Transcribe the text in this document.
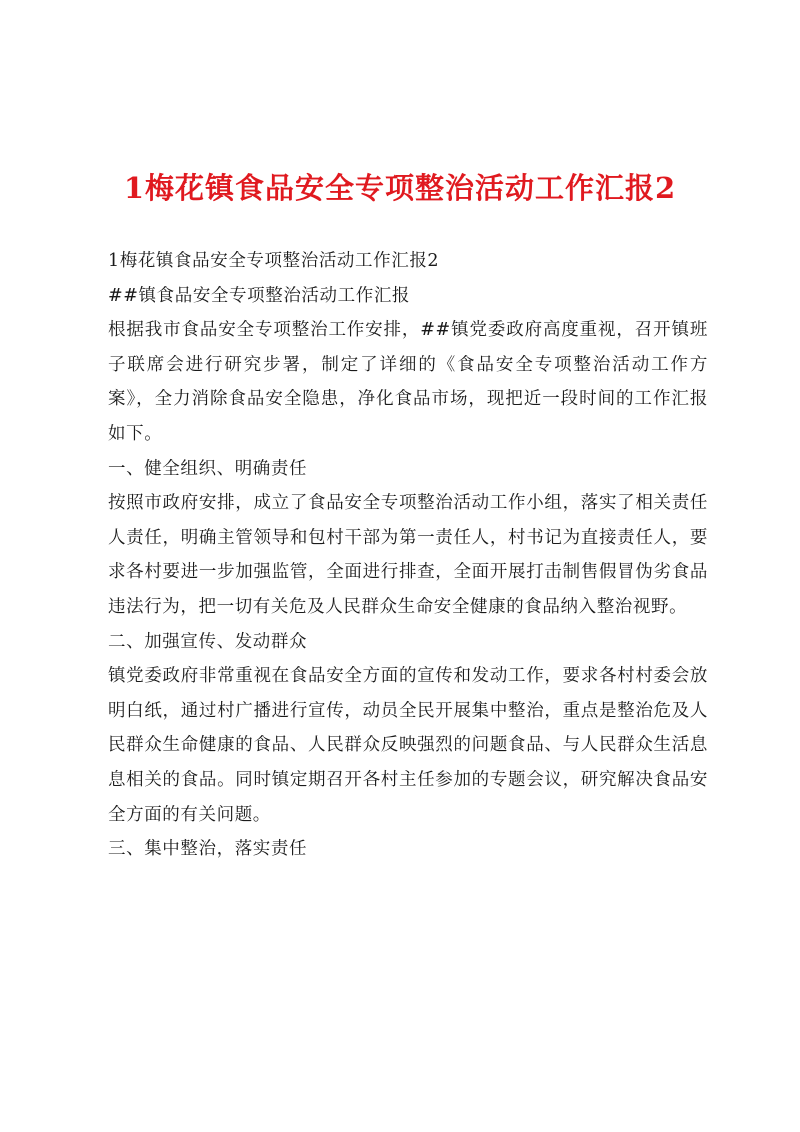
1梅花镇食品安全专项整治活动工作汇报2

1梅花镇食品安全专项整治活动工作汇报2

##镇食品安全专项整治活动工作汇报

根据我市食品安全专项整治工作安排，##镇党委政府高度重视，召开镇班子联席会进行研究步署，制定了详细的《食品安全专项整治活动工作方案》，全力消除食品安全隐患，净化食品市场，现把近一段时间的工作汇报如下。

一、健全组织、明确责任

按照市政府安排，成立了食品安全专项整治活动工作小组，落实了相关责任人责任，明确主管领导和包村干部为第一责任人，村书记为直接责任人，要求各村要进一步加强监管，全面进行排查，全面开展打击制售假冒伪劣食品违法行为，把一切有关危及人民群众生命安全健康的食品纳入整治视野。

二、加强宣传、发动群众

镇党委政府非常重视在食品安全方面的宣传和发动工作，要求各村村委会放明白纸，通过村广播进行宣传，动员全民开展集中整治，重点是整治危及人民群众生命健康的食品、人民群众反映强烈的问题食品、与人民群众生活息息相关的食品。同时镇定期召开各村主任参加的专题会议，研究解决食品安全方面的有关问题。

三、集中整治，落实责任
